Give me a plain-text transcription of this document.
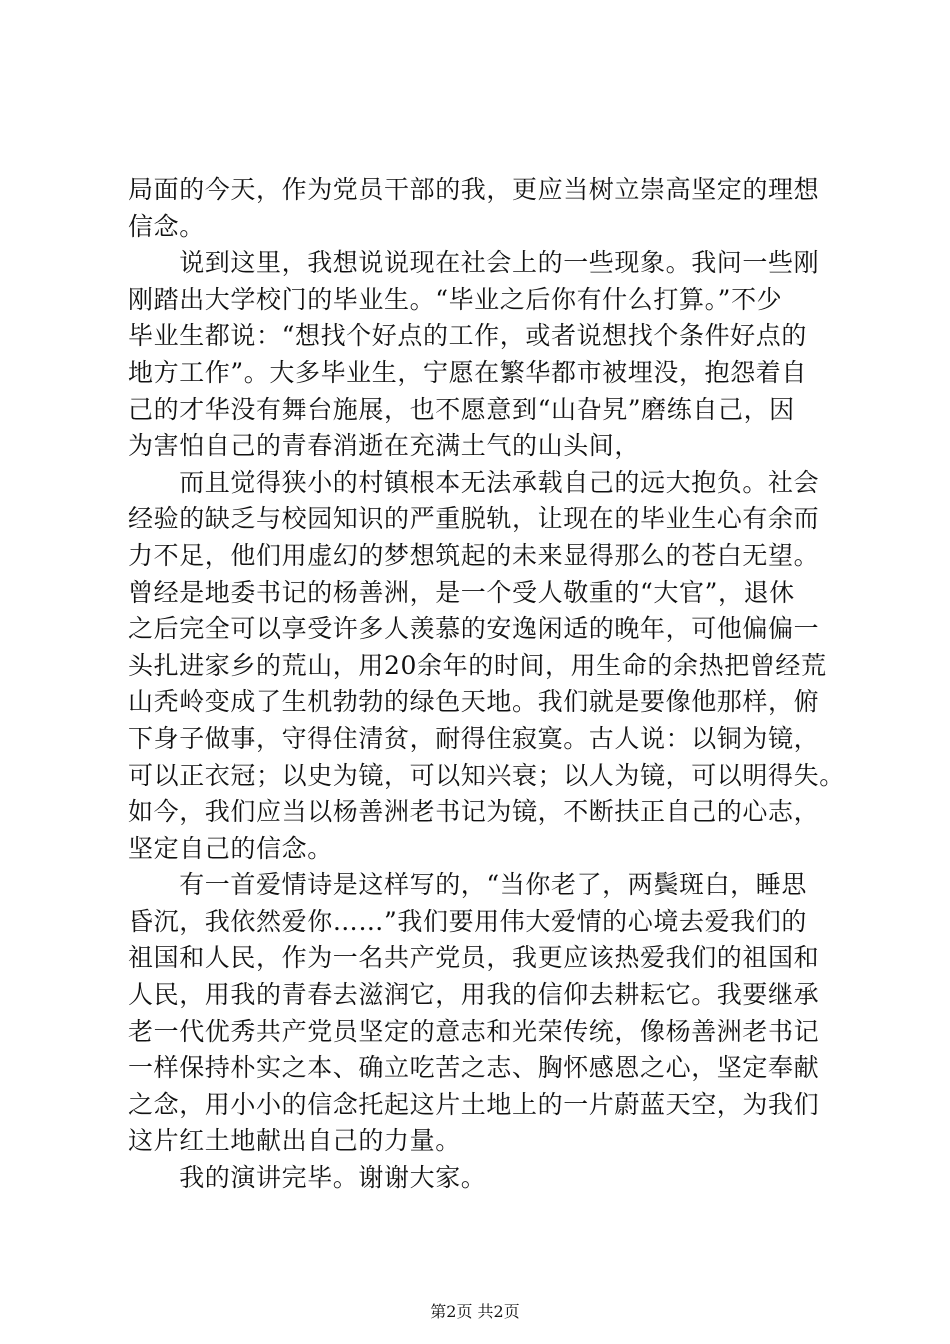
局面的今天，作为党员干部的我，更应当树立崇高坚定的理想
信念。
　　说到这里，我想说说现在社会上的一些现象。我问一些刚
刚踏出大学校门的毕业生。“毕业之后你有什么打算。”不少
毕业生都说：“想找个好点的工作，或者说想找个条件好点的
地方工作”。大多毕业生，宁愿在繁华都市被埋没，抱怨着自
己的才华没有舞台施展，也不愿意到“山旮旯”磨练自己，因
为害怕自己的青春消逝在充满土气的山头间，
　　而且觉得狭小的村镇根本无法承载自己的远大抱负。社会
经验的缺乏与校园知识的严重脱轨，让现在的毕业生心有余而
力不足，他们用虚幻的梦想筑起的未来显得那么的苍白无望。
曾经是地委书记的杨善洲，是一个受人敬重的“大官”，退休
之后完全可以享受许多人羡慕的安逸闲适的晚年，可他偏偏一
头扎进家乡的荒山，用20余年的时间，用生命的余热把曾经荒
山秃岭变成了生机勃勃的绿色天地。我们就是要像他那样，俯
下身子做事，守得住清贫，耐得住寂寞。古人说：以铜为镜，
可以正衣冠；以史为镜，可以知兴衰；以人为镜，可以明得失。
如今，我们应当以杨善洲老书记为镜，不断扶正自己的心志，
坚定自己的信念。
　　有一首爱情诗是这样写的，“当你老了，两鬓斑白，睡思
昏沉，我依然爱你……”我们要用伟大爱情的心境去爱我们的
祖国和人民，作为一名共产党员，我更应该热爱我们的祖国和
人民，用我的青春去滋润它，用我的信仰去耕耘它。我要继承
老一代优秀共产党员坚定的意志和光荣传统，像杨善洲老书记
一样保持朴实之本、确立吃苦之志、胸怀感恩之心，坚定奉献
之念，用小小的信念托起这片土地上的一片蔚蓝天空，为我们
这片红土地献出自己的力量。
　　我的演讲完毕。谢谢大家。
第2页 共2页
